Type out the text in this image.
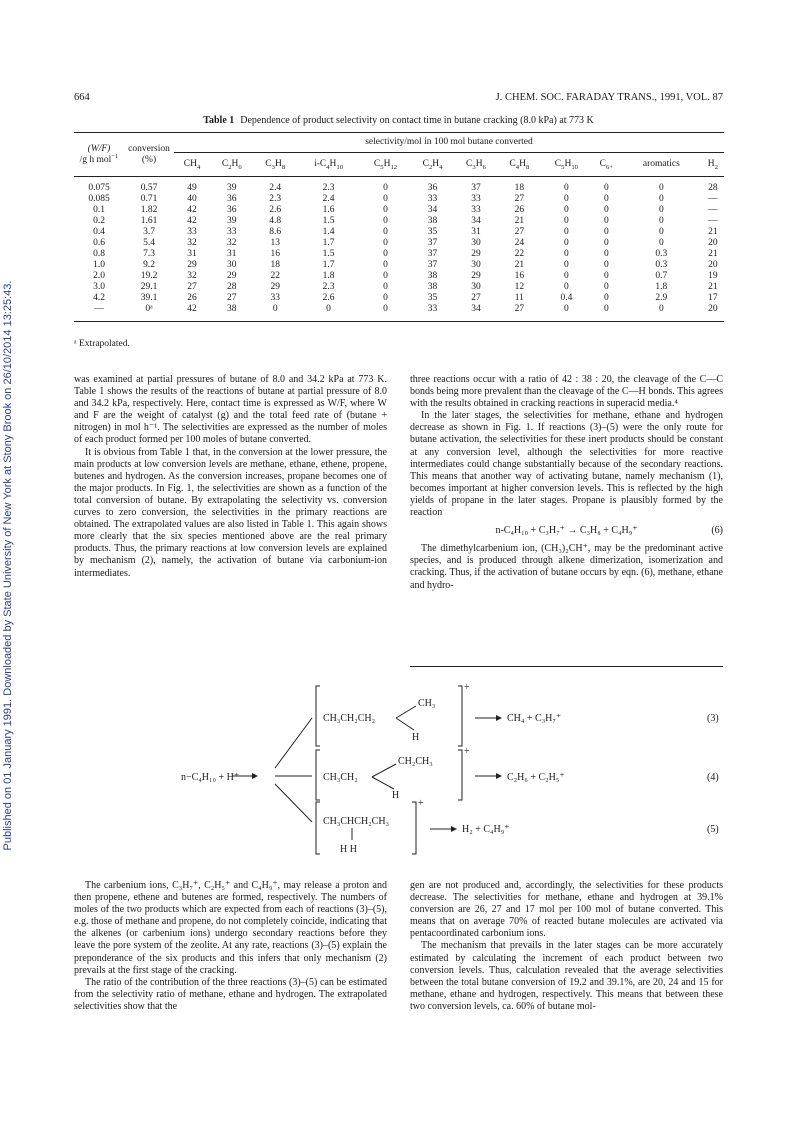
Published on 01 January 1991. Downloaded by State University of New York at Stony Brook on 26/10/2014 13:25:43.
664	J. CHEM. SOC. FARADAY TRANS., 1991, VOL. 87
Table 1 Dependence of product selectivity on contact time in butane cracking (8.0 kPa) at 773 K
(W/F)
/g h mol$^{-1}$	conversion
(%)	selectivity/mol in 100 mol butane converted											
		$CH_4$	$C_2H_6$	$C_3H_8$	$i-C_4H_{10}$	$C_5H_{12}$	$C_2H_4$	$C_3H_6$	$C_4H_8$	$C_5H_{10}$	$C_{6+}$	aromatics	$H_2$
0.075	0.57	49	39	2.4	2.3	0	36	37	18	0	0	0	28
0.085	0.71	40	36	2.3	2.4	0	33	33	27	0	0	0	—
0.1	1.82	42	36	2.6	1.6	0	34	33	26	0	0	0	—
0.2	1.61	42	39	4.8	1.5	0	38	34	21	0	0	0	—
0.4	3.7	33	33	8.6	1.4	0	35	31	27	0	0	0	21
0.6	5.4	32	32	13	1.7	0	37	30	24	0	0	0	20
0.8	7.3	31	31	16	1.5	0	37	29	22	0	0	0.3	21
1.0	9.2	29	30	18	1.7	0	37	30	21	0	0	0.3	20
2.0	19.2	32	29	22	1.8	0	38	29	16	0	0	0.7	19
3.0	29.1	27	28	29	2.3	0	38	30	12	0	0	1.8	21
4.2	39.1	26	27	33	2.6	0	35	27	11	0.4	0	2.9	17
—	0ᵃ	42	38	0	0	0	33	34	27	0	0	0	20
ᵃ Extrapolated.

was examined at partial pressures of butane of 8.0 and 34.2 kPa at 773 K. Table 1 shows the results of the reactions of butane at partial pressure of 8.0 and 34.2 kPa, respectively. Here, contact time is expressed as W/F, where W and F are the weight of catalyst (g) and the total feed rate of (butane + nitrogen) in mol h⁻¹. The selectivities are expressed as the number of moles of each product formed per 100 moles of butane converted.

It is obvious from Table 1 that, in the conversion at the lower pressure, the main products at low conversion levels are methane, ethane, ethene, propene, butenes and hydrogen. As the conversion increases, propane becomes one of the major products. In Fig. 1, the selectivities are shown as a function of the total conversion of butane. By extrapolating the selectivity vs. conversion curves to zero conversion, the selectivities in the primary reactions are obtained. The extrapolated values are also listed in Table 1. This again shows more clearly that the six species mentioned above are the real primary products. Thus, the primary reactions at low conversion levels are explained by mechanism (2), namely, the activation of butane via carbonium-ion intermediates.

three reactions occur with a ratio of 42 : 38 : 20, the cleavage of the C—C bonds being more prevalent than the cleavage of the C—H bonds. This agrees with the results obtained in cracking reactions in superacid media.⁴

In the later stages, the selectivities for methane, ethane and hydrogen decrease as shown in Fig. 1. If reactions (3)–(5) were the only route for butane activation, the selectivities for these inert products should be constant at any conversion level, although the selectivities for more reactive intermediates could change substantially because of the secondary reactions. This means that another way of activating butane, namely mechanism (1), becomes important at higher conversion levels. This is reflected by the high yields of propane in the later stages. Propane is plausibly formed by the reaction

n-C₄H₁₀ + C₃H₇⁺ → C₃H₈ + C₄H₉⁺	(6)

The dimethylcarbenium ion, (CH₃)₂CH⁺, may be the predominant active species, and is produced through alkene dimerization, isomerization and cracking. Thus, if the activation of butane occurs by eqn. (6), methane, ethane and hydro-

n−C₄H₁₀ + H⁺
CH₃CH₂CH₂
CH₃
H
+
CH₄ + C₃H₇⁺	(3)
CH₃CH₂
CH₂CH₃
H
+
C₂H₆ + C₂H₅⁺	(4)
CH₃CHCH₂CH₃
H H
+
H₂ + C₄H₉⁺	(5)

The carbenium ions, C₃H₇⁺, C₂H₅⁺ and C₄H₉⁺, may release a proton and then propene, ethene and butenes are formed, respectively. The numbers of moles of the two products which are expected from each of reactions (3)–(5), e.g. those of methane and propene, do not completely coincide, indicating that the alkenes (or carbenium ions) undergo secondary reactions before they leave the pore system of the zeolite. At any rate, reactions (3)–(5) explain the preponderance of the six products and this infers that only mechanism (2) prevails at the first stage of the cracking.

The ratio of the contribution of the three reactions (3)–(5) can be estimated from the selectivity ratio of methane, ethane and hydrogen. The extrapolated selectivities show that the

gen are not produced and, accordingly, the selectivities for these products decrease. The selectivities for methane, ethane and hydrogen at 39.1% conversion are 26, 27 and 17 mol per 100 mol of butane converted. This means that on average 70% of reacted butane molecules are activated via pentacoordinated carbonium ions.

The mechanism that prevails in the later stages can be more accurately estimated by calculating the increment of each product between two conversion levels. Thus, calculation revealed that the average selectivities between the total butane conversion of 19.2 and 39.1%, are 20, 24 and 15 for methane, ethane and hydrogen, respectively. This means that between these two conversion levels, ca. 60% of butane mol-
